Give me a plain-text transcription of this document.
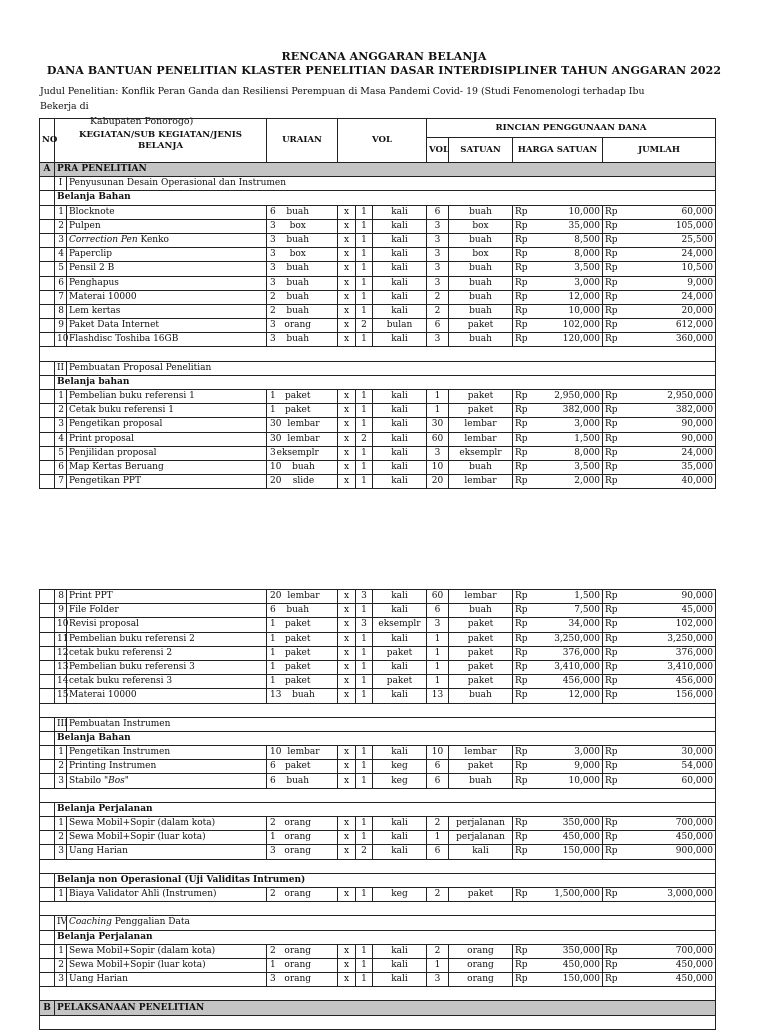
RENCANA ANGGARAN BELANJA
DANA BANTUAN PENELITIAN KLASTER PENELITIAN DASAR INTERDISIPLINER TAHUN ANGGARAN 2022
Judul Penelitian: Konflik Peran Ganda dan Resiliensi Perempuan di Masa Pandemi Covid- 19 (Studi Fenomenologi terhadap Ibu Bekerja di
Kabupaten Ponorogo)
NO	KEGIATAN/SUB KEGIATAN/JENIS BELANJA		URAIAN	VOL			RINCIAN PENGGUNAAN DANA					
							VOL	SATUAN	HARGA SATUAN		JUMLAH	
A	PRA PENELITIAN											
	I	Penyusunan Desain Operasional dan Instrumen										
	Belanja Bahan											
	1	Blocknote	6 buah	x	1	kali	6	buah	Rp	10,000	Rp	60,000
	2	Pulpen	3 box	x	1	kali	3	box	Rp	35,000	Rp	105,000
	3	Correction Pen Kenko	3 buah	x	1	kali	3	buah	Rp	8,500	Rp	25,500
	4	Paperclip	3 box	x	1	kali	3	box	Rp	8,000	Rp	24,000
	5	Pensil 2 B	3 buah	x	1	kali	3	buah	Rp	3,500	Rp	10,500
	6	Penghapus	3 buah	x	1	kali	3	buah	Rp	3,000	Rp	9,000
	7	Materai 10000	2 buah	x	1	kali	2	buah	Rp	12,000	Rp	24,000
	8	Lem kertas	2 buah	x	1	kali	2	buah	Rp	10,000	Rp	20,000
	9	Paket Data Internet	3 orang	x	2	bulan	6	paket	Rp	102,000	Rp	612,000
	10	Flashdisc Toshiba 16GB	3 buah	x	1	kali	3	buah	Rp	120,000	Rp	360,000

	II	Pembuatan Proposal Penelitian										
	Belanja bahan											
	1	Pembelian buku referensi 1	1 paket	x	1	kali	1	paket	Rp	2,950,000	Rp	2,950,000
	2	Cetak buku referensi 1	1 paket	x	1	kali	1	paket	Rp	382,000	Rp	382,000
	3	Pengetikan proposal	30 lembar	x	1	kali	30	lembar	Rp	3,000	Rp	90,000
	4	Print proposal	30 lembar	x	2	kali	60	lembar	Rp	1,500	Rp	90,000
	5	Penjilidan proposal	3eksemplr	x	1	kali	3	eksemplr	Rp	8,000	Rp	24,000
	6	Map Kertas Beruang	10 buah	x	1	kali	10	buah	Rp	3,500	Rp	35,000
	7	Pengetikan PPT	20 slide	x	1	kali	20	lembar	Rp	2,000	Rp	40,000
	8	Print PPT	20 lembar	x	3	kali	60	lembar	Rp	1,500	Rp	90,000
	9	File Folder	6 buah	x	1	kali	6	buah	Rp	7,500	Rp	45,000
	10	Revisi proposal	1 paket	x	3	eksemplr	3	paket	Rp	34,000	Rp	102,000
	11	Pembelian buku referensi 2	1 paket	x	1	kali	1	paket	Rp	3,250,000	Rp	3,250,000
	12	cetak buku referensi 2	1 paket	x	1	paket	1	paket	Rp	376,000	Rp	376,000
	13	Pembelian buku referensi 3	1 paket	x	1	kali	1	paket	Rp	3,410,000	Rp	3,410,000
	14	cetak buku referensi 3	1 paket	x	1	paket	1	paket	Rp	456,000	Rp	456,000
	15	Materai 10000	13 buah	x	1	kali	13	buah	Rp	12,000	Rp	156,000

	III	Pembuatan Instrumen										
	Belanja Bahan											
	1	Pengetikan Instrumen	10 lembar	x	1	kali	10	lembar	Rp	3,000	Rp	30,000
	2	Printing Instrumen	6 paket	x	1	keg	6	paket	Rp	9,000	Rp	54,000
	3	Stabilo "Bos"	6 buah	x	1	keg	6	buah	Rp	10,000	Rp	60,000

	Belanja Perjalanan											
	1	Sewa Mobil+Sopir (dalam kota)	2 orang	x	1	kali	2	perjalanan	Rp	350,000	Rp	700,000
	2	Sewa Mobil+Sopir (luar kota)	1 orang	x	1	kali	1	perjalanan	Rp	450,000	Rp	450,000
	3	Uang Harian	3 orang	x	2	kali	6	kali	Rp	150,000	Rp	900,000

	Belanja non Operasional (Uji Validitas Intrumen)											
	1	Biaya Validator Ahli (Instrumen)	2 orang	x	1	keg	2	paket	Rp	1,500,000	Rp	3,000,000

	IV	Coaching Penggalian Data										
	Belanja Perjalanan											
	1	Sewa Mobil+Sopir (dalam kota)	2 orang	x	1	kali	2	orang	Rp	350,000	Rp	700,000
	2	Sewa Mobil+Sopir (luar kota)	1 orang	x	1	kali	1	orang	Rp	450,000	Rp	450,000
	3	Uang Harian	3 orang	x	1	kali	3	orang	Rp	150,000	Rp	450,000

B	PELAKSANAAN PENELITIAN											
